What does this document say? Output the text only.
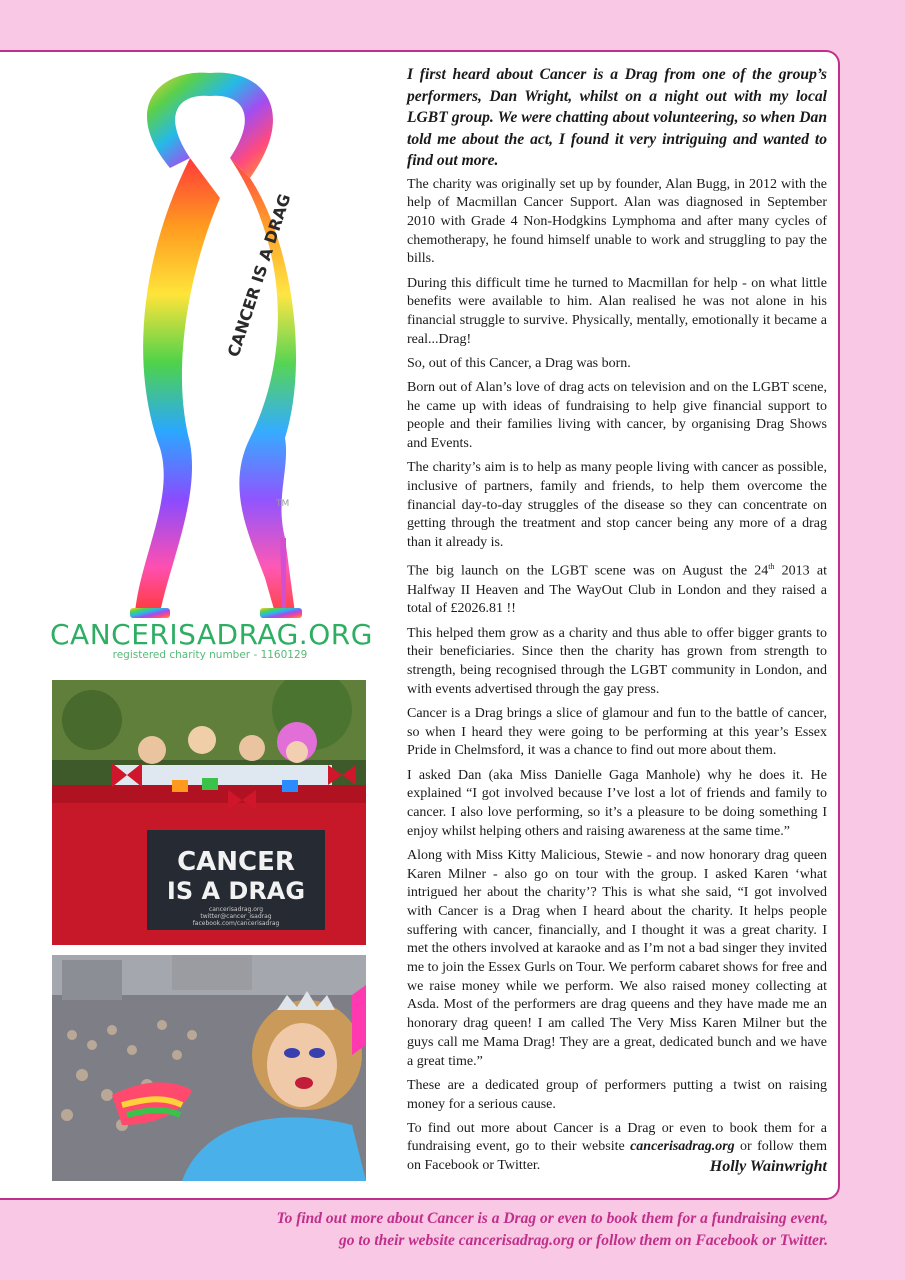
CANCER IS A DRAG
TM
CANCERISADRAG.ORG
registered charity number - 1160129
CANCER
IS A DRAG
cancerisadrag.org
twitter@cancer_isadrag
facebook.com/cancerisadrag

I first heard about Cancer is a Drag from one of the group’s performers, Dan Wright, whilst on a night out with my local LGBT group. We were chatting about volunteering, so when Dan told me about the act, I found it very intriguing and wanted to find out more.

The charity was originally set up by founder, Alan Bugg, in 2012 with the help of Macmillan Cancer Support. Alan was diagnosed in September 2010 with Grade 4 Non-Hodgkins Lymphoma and after many cycles of chemotherapy, he found himself unable to work and struggling to pay the bills.

During this difficult time he turned to Macmillan for help - on what little benefits were available to him. Alan realised he was not alone in his financial struggle to survive. Physically, mentally, emotionally it became a real...Drag!

So, out of this Cancer, a Drag was born.

Born out of Alan’s love of drag acts on television and on the LGBT scene, he came up with ideas of fundraising to help give financial support to people and their families living with cancer, by organising Drag Shows and Events.

The charity’s aim is to help as many people living with cancer as possible, inclusive of partners, family and friends, to help them overcome the financial day-to-day struggles of the disease so they can concentrate on getting through the treatment and stop cancer being any more of a drag than it already is.

The big launch on the LGBT scene was on August the 24th 2013 at Halfway II Heaven and The WayOut Club in London and they raised a total of £2026.81 !!

This helped them grow as a charity and thus able to offer bigger grants to their beneficiaries. Since then the charity has grown from strength to strength, being recognised through the LGBT community in London, and with events advertised through the gay press.

Cancer is a Drag brings a slice of glamour and fun to the battle of cancer, so when I heard they were going to be performing at this year’s Essex Pride in Chelmsford, it was a chance to find out more about them.

I asked Dan (aka Miss Danielle Gaga Manhole) why he does it. He explained “I got involved because I’ve lost a lot of friends and family to cancer. I also love performing, so it’s a pleasure to be doing something I enjoy whilst helping others and raising awareness at the same time.”

Along with Miss Kitty Malicious, Stewie - and now honorary drag queen Karen Milner - also go on tour with the group. I asked Karen ‘what intrigued her about the charity’? This is what she said, “I got involved with Cancer is a Drag when I heard about the charity. It helps people suffering with cancer, financially, and I thought it was a great charity. I met the others involved at karaoke and as I’m not a bad singer they invited me to join the Essex Gurls on Tour. We perform cabaret shows for free and we raise money while we perform. We also raised money collecting at Asda. Most of the performers are drag queens and they have made me an honorary drag queen! I am called The Very Miss Karen Milner but the guys call me Mama Drag! They are a great, dedicated bunch and we have a great time.”

These are a dedicated group of performers putting a twist on raising money for a serious cause.

To find out more about Cancer is a Drag or even to book them for a fundraising event, go to their website cancerisadrag.org or follow them on Facebook or Twitter.	Holly Wainwright
To find out more about Cancer is a Drag or even to book them for a fundraising event,
go to their website cancerisadrag.org or follow them on Facebook or Twitter.
